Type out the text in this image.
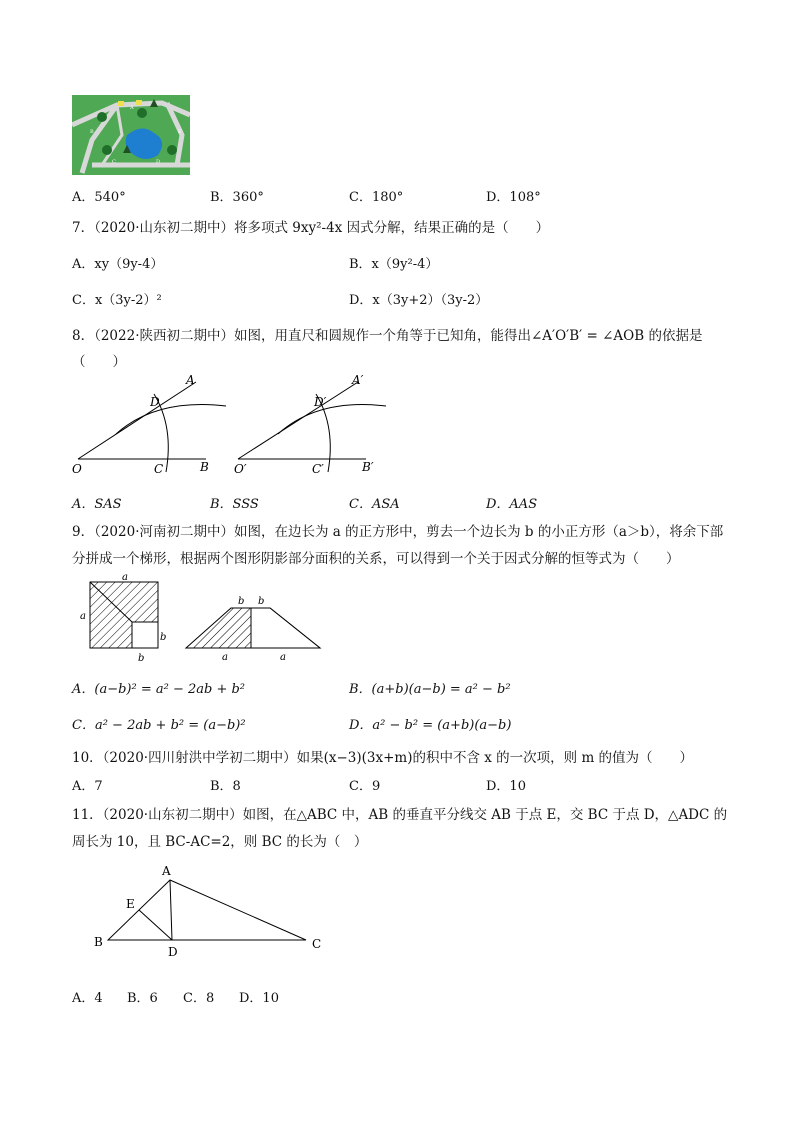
B
C	D
E
A
A．540°	B．360°	C．180°	D．108°
7．（2020·山东初二期中）将多项式 9xy²-4x 因式分解，结果正确的是（　　）
A．xy（9y-4）	B．x（9y²-4）
C．x（3y-2）²	D．x（3y+2）（3y-2）
8．（2022·陕西初二期中）如图，用直尺和圆规作一个角等于已知角，能得出∠A′O′B′ = ∠AOB 的依据是
（　　）
A
D
O	C	B
A′
D′
O′	C′	B′
A．SAS	B．SSS	C．ASA	D．AAS
9．（2020·河南初二期中）如图，在边长为 a 的正方形中，剪去一个边长为 b 的小正方形（a＞b），将余下部
分拼成一个梯形，根据两个图形阴影部分面积的关系，可以得到一个关于因式分解的恒等式为（　　）
a
a
b
b
b b
a	a
A．(a−b)² = a² − 2ab + b²	B．(a+b)(a−b) = a² − b²
C．a² − 2ab + b² = (a−b)²	D．a² − b² = (a+b)(a−b)
10．（2020·四川射洪中学初二期中）如果(x−3)(3x+m)的积中不含 x 的一次项，则 m 的值为（　　）
A．7	B．8	C．9	D．10
11．（2020·山东初二期中）如图，在△ABC 中，AB 的垂直平分线交 AB 于点 E，交 BC 于点 D，△ADC 的
周长为 10，且 BC-AC=2，则 BC 的长为（　）
A
E
B
D
C
A．4 B．6 C．8 D．10
